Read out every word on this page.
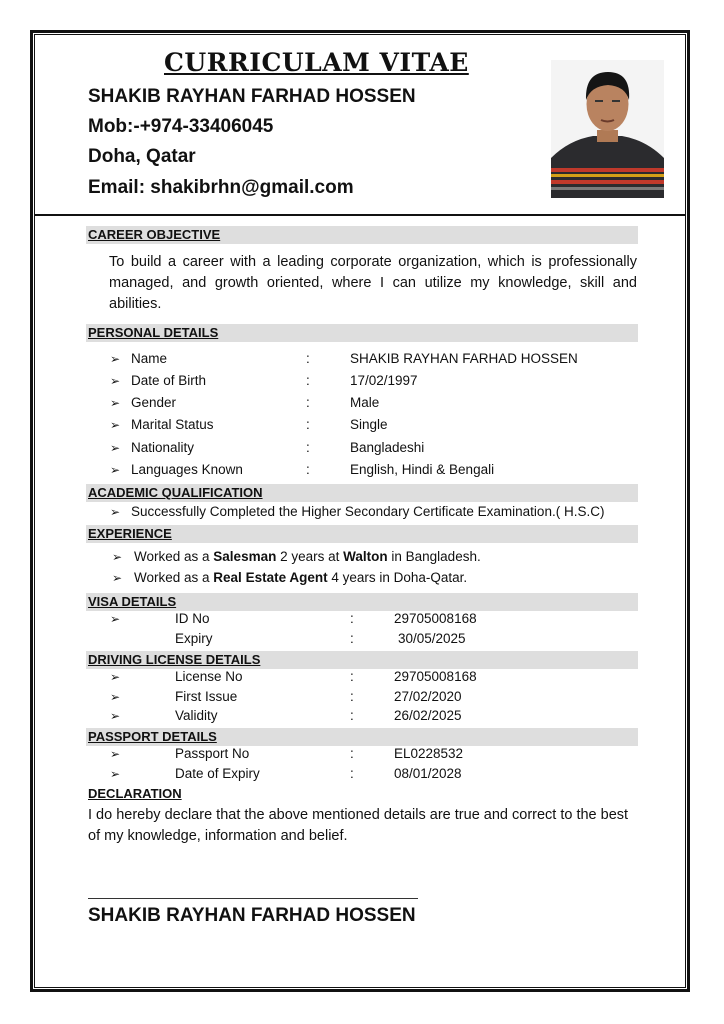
CURRICULAM VITAE
SHAKIB RAYHAN FARHAD HOSSEN
Mob:-+974-33406045
Doha, Qatar
Email: shakibrhn@gmail.com
CAREER OBJECTIVE
To build a career with a leading corporate organization, which is professionally managed, and growth oriented, where I can utilize my knowledge, skill and abilities.
PERSONAL DETAILS
➢ Name	:	SHAKIB RAYHAN FARHAD HOSSEN
➢ Date of Birth	:	17/02/1997
➢ Gender	:	Male
➢ Marital Status	:	Single
➢ Nationality	:	Bangladeshi
➢ Languages Known	:	English, Hindi & Bengali
ACADEMIC QUALIFICATION
➢ Successfully Completed the Higher Secondary Certificate Examination.( H.S.C)
EXPERIENCE
➢ Worked as a Salesman 2 years at Walton in Bangladesh.
➢ Worked as a Real Estate Agent 4 years in Doha-Qatar.
VISA DETAILS
➢	ID No	:	29705008168
Expiry	:	30/05/2025
DRIVING LICENSE DETAILS
➢	License No	:	29705008168
➢	First Issue	:	27/02/2020
➢	Validity	:	26/02/2025
PASSPORT DETAILS
➢	Passport No	:	EL0228532
➢	Date of Expiry	:	08/01/2028
DECLARATION
I do hereby declare that the above mentioned details are true and correct to the best of my knowledge, information and belief.
SHAKIB RAYHAN FARHAD HOSSEN
